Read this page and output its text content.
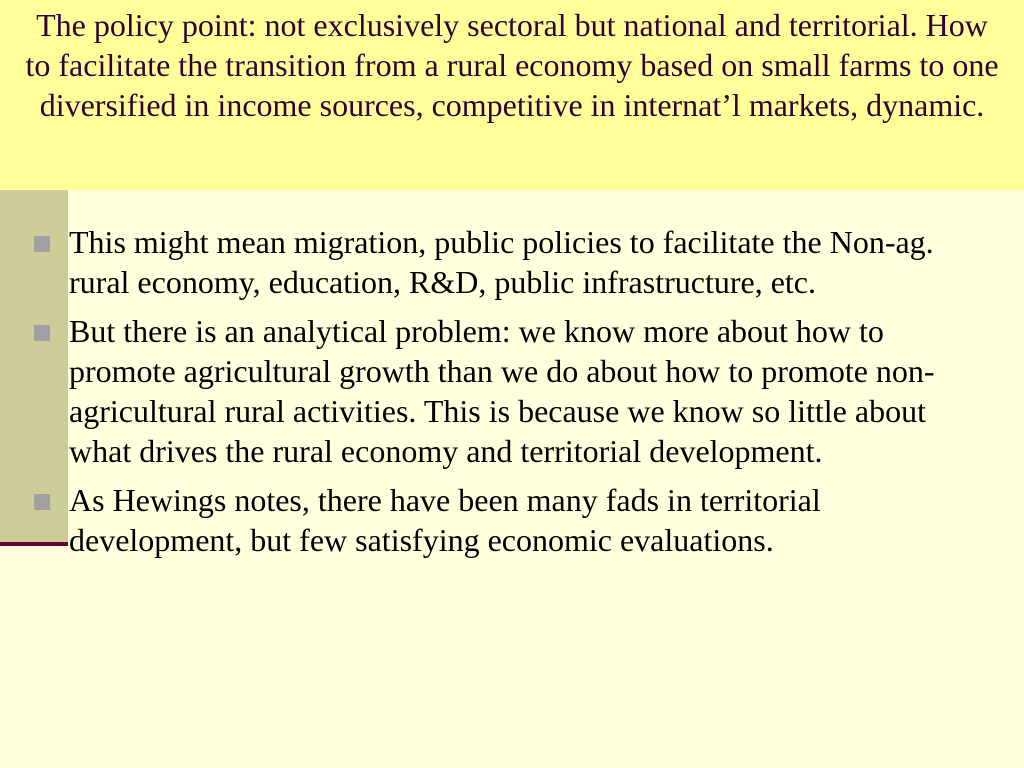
The policy point: not exclusively sectoral but national and territorial. How to facilitate the transition from a rural economy based on small farms to one diversified in income sources, competitive in internat’l markets, dynamic.
This might mean migration, public policies to facilitate the Non-ag. rural economy, education, R&D, public infrastructure, etc.
But there is an analytical problem: we know more about how to promote agricultural growth than we do about how to promote non-agricultural rural activities. This is because we know so little about what drives the rural economy and territorial development.
As Hewings notes, there have been many fads in territorial development, but few satisfying economic evaluations.
